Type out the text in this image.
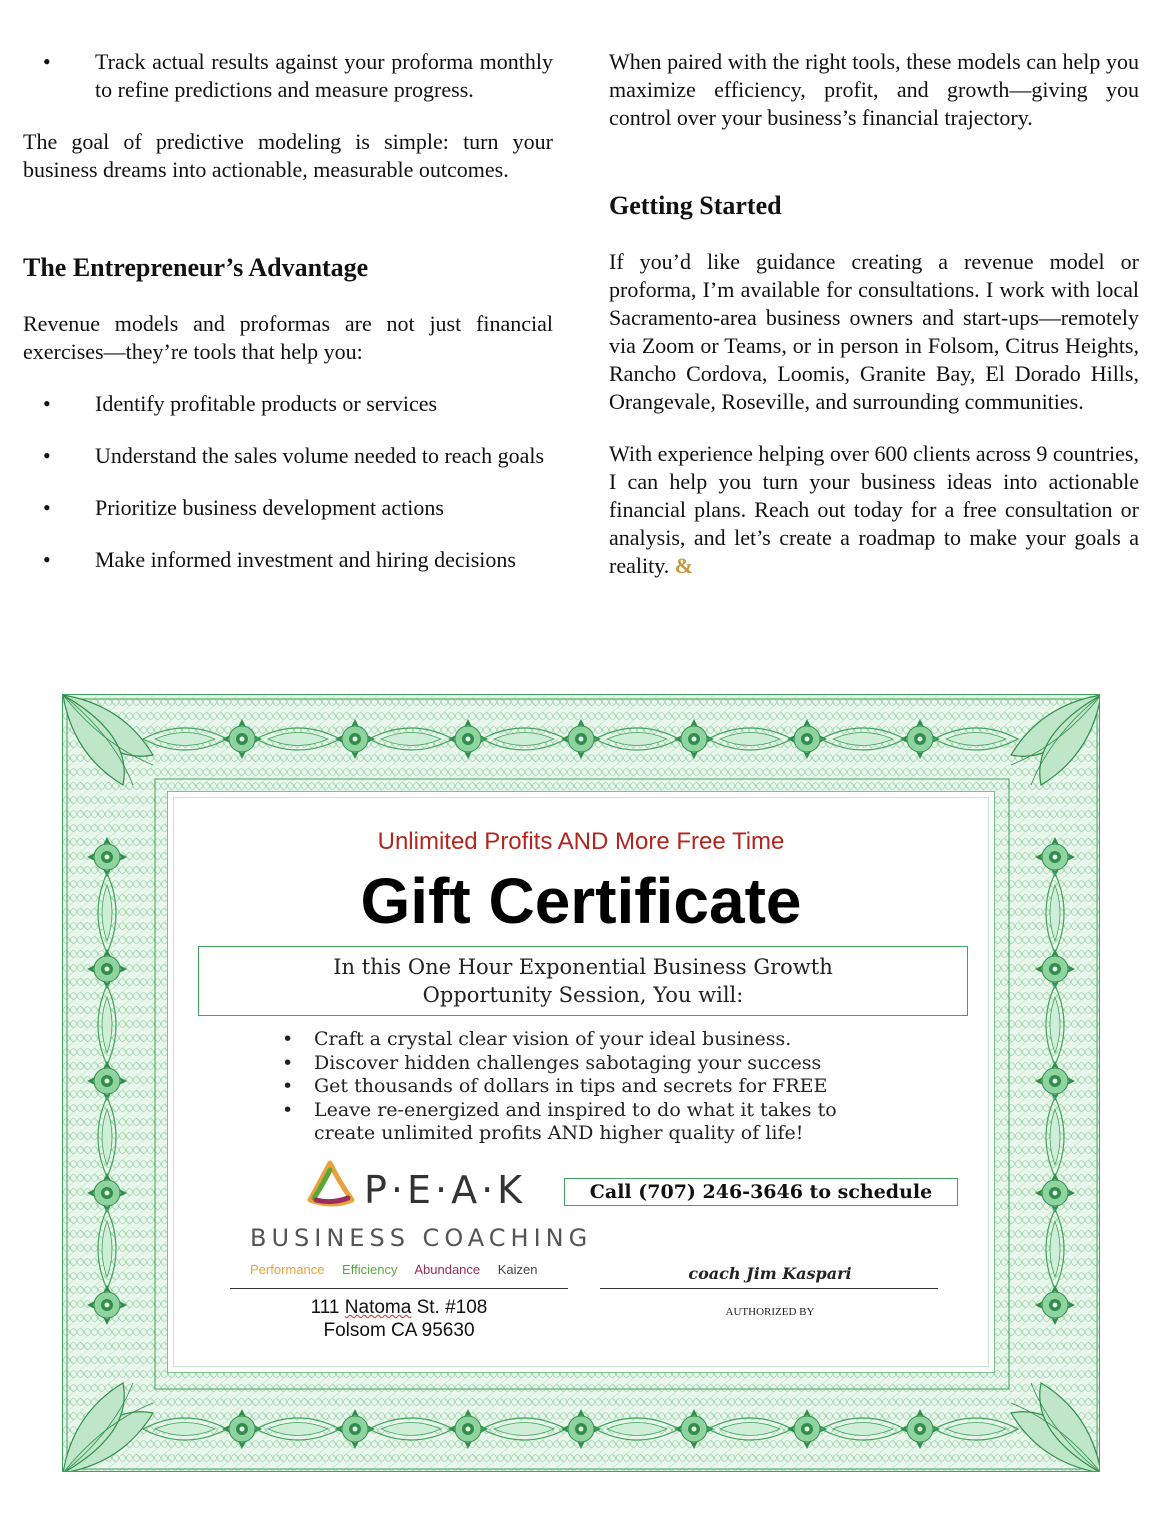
• Track actual results against your proforma monthly to refine predictions and measure progress.

The goal of predictive modeling is simple: turn your business dreams into actionable, measurable outcomes.

The Entrepreneur’s Advantage

Revenue models and proformas are not just financial exercises—they’re tools that help you:

• Identify profitable products or services
• Understand the sales volume needed to reach goals
• Prioritize business development actions
• Make informed investment and hiring decisions

When paired with the right tools, these models can help you maximize efficiency, profit, and growth—giving you control over your business’s financial trajectory.

Getting Started

If you’d like guidance creating a revenue model or proforma, I’m available for consultations. I work with local Sacramento-area business owners and start-ups—remotely via Zoom or Teams, or in person in Folsom, Citrus Heights, Rancho Cordova, Loomis, Granite Bay, El Dorado Hills, Orangevale, Roseville, and surrounding communities.

With experience helping over 600 clients across 9 countries, I can help you turn your business ideas into actionable financial plans. Reach out today for a free consultation or analysis, and let’s create a roadmap to make your goals a reality. &

Unlimited Profits AND More Free Time
Gift Certificate
In this One Hour Exponential Business Growth
Opportunity Session, You will:
• Craft a crystal clear vision of your ideal business.
• Discover hidden challenges sabotaging your success
• Get thousands of dollars in tips and secrets for FREE
• Leave re-energized and inspired to do what it takes to create unlimited profits AND higher quality of life!
P·E·A·K
BUSINESS COACHING
Performance Efficiency Abundance Kaizen
111 Natoma St. #108
Folsom CA 95630
Call (707) 246-3646 to schedule
coach Jim Kaspari
AUTHORIZED BY
